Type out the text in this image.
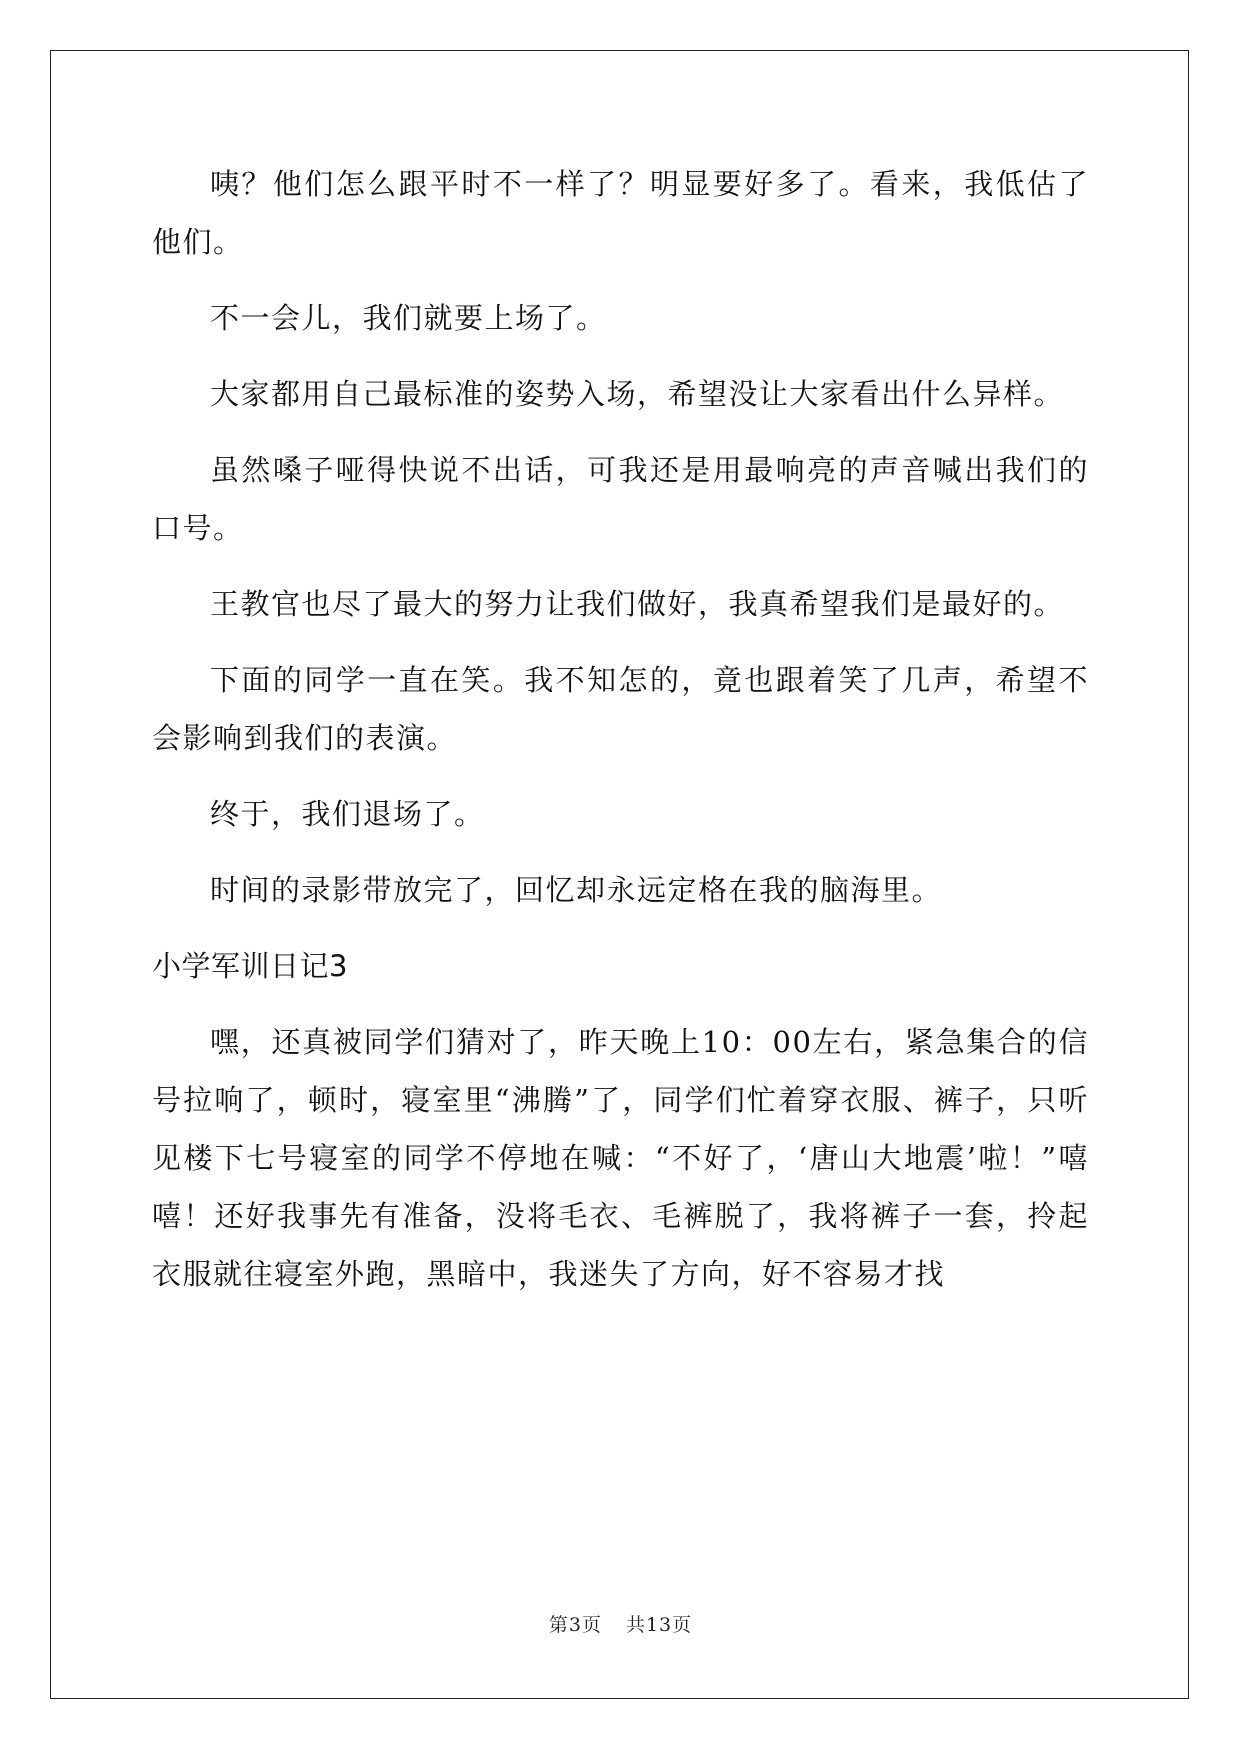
咦？他们怎么跟平时不一样了？明显要好多了。看来，我低估了他们。

不一会儿，我们就要上场了。

大家都用自己最标准的姿势入场，希望没让大家看出什么异样。

虽然嗓子哑得快说不出话，可我还是用最响亮的声音喊出我们的口号。

王教官也尽了最大的努力让我们做好，我真希望我们是最好的。

下面的同学一直在笑。我不知怎的，竟也跟着笑了几声，希望不会影响到我们的表演。

终于，我们退场了。

时间的录影带放完了，回忆却永远定格在我的脑海里。

小学军训日记3

嘿，还真被同学们猜对了，昨天晚上10：00左右，紧急集合的信号拉响了，顿时，寝室里“沸腾”了，同学们忙着穿衣服、裤子，只听见楼下七号寝室的同学不停地在喊：“不好了，‘唐山大地震’啦！”嘻嘻！还好我事先有准备，没将毛衣、毛裤脱了，我将裤子一套，拎起衣服就往寝室外跑，黑暗中，我迷失了方向，好不容易才找

第3页 共13页
